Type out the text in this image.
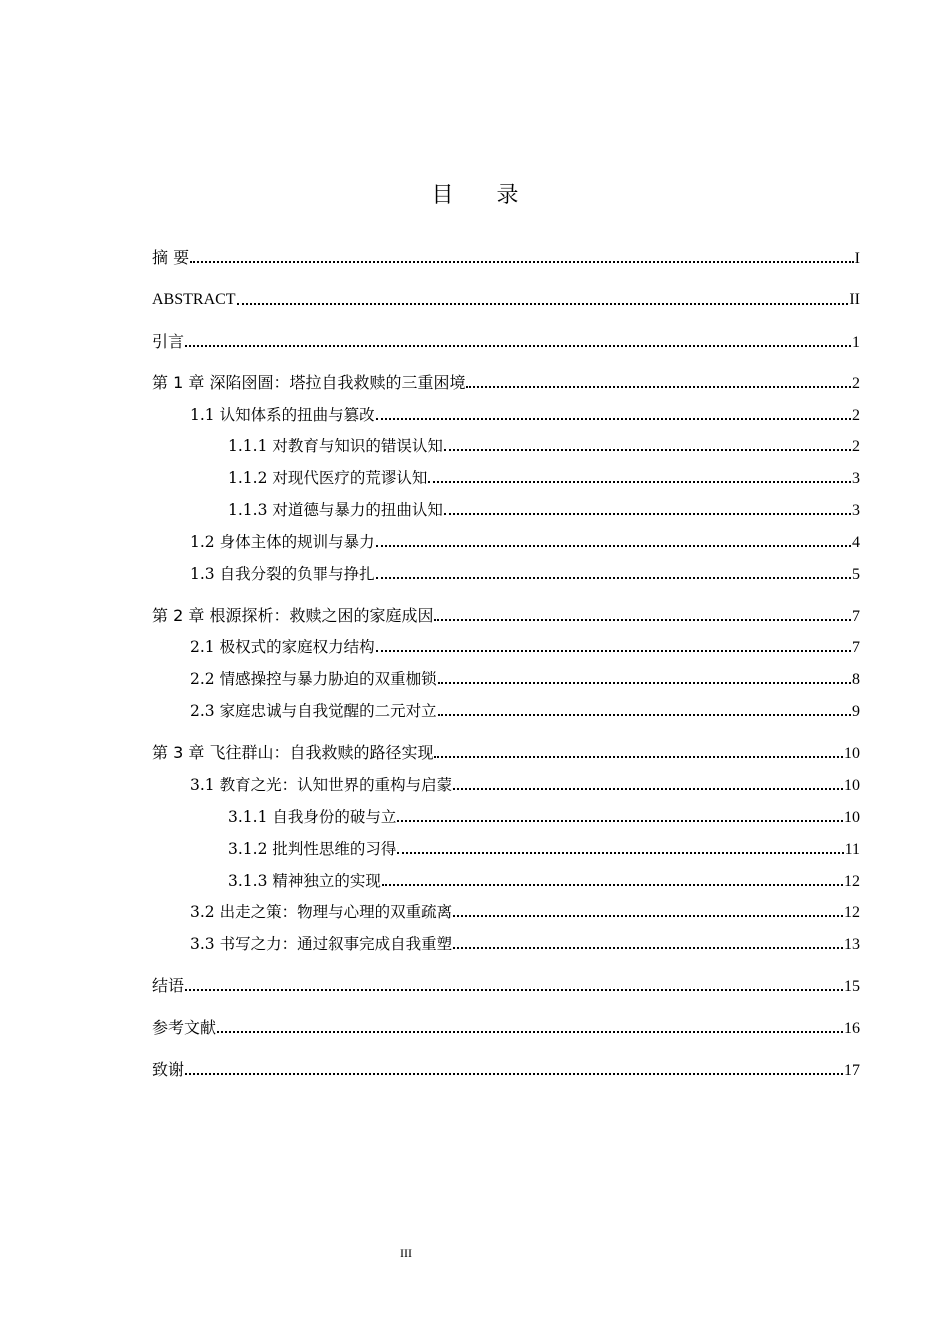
目 录
摘 要	I
ABSTRACT	II
引言	1
第 1 章 深陷囹圄：塔拉自我救赎的三重困境	2
1.1 认知体系的扭曲与篡改	2
1.1.1 对教育与知识的错误认知	2
1.1.2 对现代医疗的荒谬认知	3
1.1.3 对道德与暴力的扭曲认知	3
1.2 身体主体的规训与暴力	4
1.3 自我分裂的负罪与挣扎	5
第 2 章 根源探析：救赎之困的家庭成因	7
2.1 极权式的家庭权力结构	7
2.2 情感操控与暴力胁迫的双重枷锁	8
2.3 家庭忠诚与自我觉醒的二元对立	9
第 3 章 飞往群山：自我救赎的路径实现	10
3.1 教育之光：认知世界的重构与启蒙	10
3.1.1 自我身份的破与立	10
3.1.2 批判性思维的习得	11
3.1.3 精神独立的实现	12
3.2 出走之策：物理与心理的双重疏离	12
3.3 书写之力：通过叙事完成自我重塑	13
结语	15
参考文献	16
致谢	17
III
